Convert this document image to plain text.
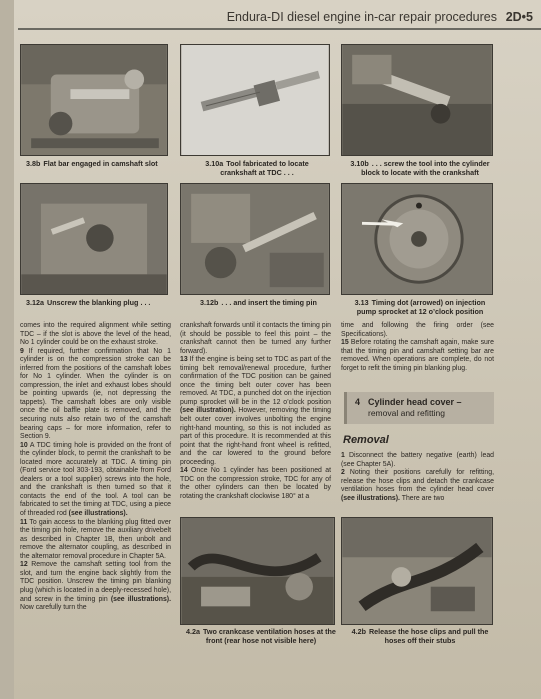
Endura-DI diesel engine in-car repair procedures 2D•5
3.8b Flat bar engaged in camshaft slot	3.10a Tool fabricated to locate crankshaft at TDC . . .
3.10b . . . screw the tool into the cylinder block to locate with the crankshaft
3.12a Unscrew the blanking plug . . .	3.12b . . . and insert the timing pin	3.13 Timing dot (arrowed) on injection pump sprocket at 12 o’clock position

comes into the required alignment while setting TDC – if the slot is above the level of the head, No 1 cylinder could be on the exhaust stroke.

9 If required, further confirmation that No 1 cylinder is on the compression stroke can be inferred from the positions of the camshaft lobes for No 1 cylinder. When the cylinder is on compression, the inlet and exhaust lobes should be pointing upwards (ie, not depressing the tappets). The camshaft lobes are only visible once the oil baffle plate is removed, and the securing nuts also retain two of the camshaft bearing caps – for more information, refer to Section 9.

10 A TDC timing hole is provided on the front of the cylinder block, to permit the crankshaft to be located more accurately at TDC. A timing pin (Ford service tool 303-193, obtainable from Ford dealers or a tool supplier) screws into the hole, and the crankshaft is then turned so that it contacts the end of the tool. A tool can be fabricated to set the timing at TDC, using a piece of threaded rod (see illustrations).

11 To gain access to the blanking plug fitted over the timing pin hole, remove the auxiliary drivebelt as described in Chapter 1B, then unbolt and remove the alternator coupling, as described in the alternator removal procedure in Chapter 5A.

12 Remove the camshaft setting tool from the slot, and turn the engine back slightly from the TDC position. Unscrew the timing pin blanking plug (which is located in a deeply-recessed hole), and screw in the timing pin (see illustrations). Now carefully turn the

crankshaft forwards until it contacts the timing pin (it should be possible to feel this point – the crankshaft cannot then be turned any further forward).

13 If the engine is being set to TDC as part of the timing belt removal/renewal procedure, further confirmation of the TDC position can be gained once the timing belt outer cover has been removed. At TDC, a punched dot on the injection pump sprocket will be in the 12 o’clock position (see illustration). However, removing the timing belt outer cover involves unbolting the engine right-hand mounting, so this is not included as part of this procedure. It is recommended at this point that the right-hand front wheel is refitted, and the car lowered to the ground before proceeding.

14 Once No 1 cylinder has been positioned at TDC on the compression stroke, TDC for any of the other cylinders can then be located by rotating the crankshaft clockwise 180° at a

time and following the firing order (see Specifications).

15 Before rotating the camshaft again, make sure that the timing pin and camshaft setting bar are removed. When operations are complete, do not forget to refit the timing pin blanking plug.

4 Cylinder head cover –
removal and refitting
Removal

1 Disconnect the battery negative (earth) lead (see Chapter 5A).

2 Noting their positions carefully for refitting, release the hose clips and detach the crankcase ventilation hoses from the cylinder head cover (see illustrations). There are two

4.2a Two crankcase ventilation hoses at the front (rear hose not visible here)
4.2b Release the hose clips and pull the hoses off their stubs
